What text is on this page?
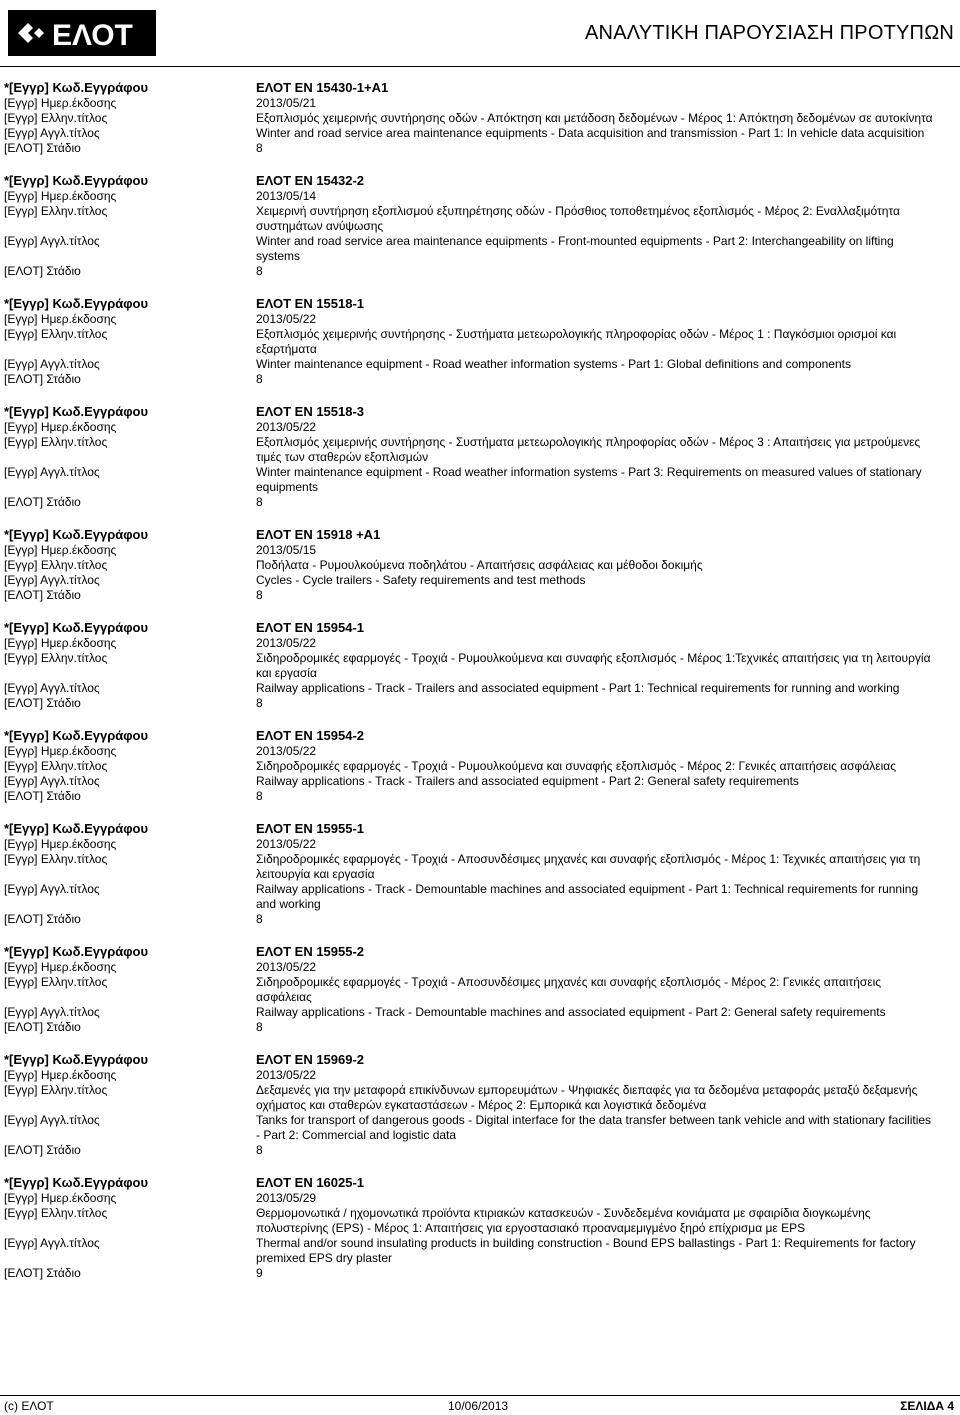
ΕΛΟΤ	ΑΝΑΛΥΤΙΚΗ ΠΑΡΟΥΣΙΑΣΗ ΠΡΟΤΥΠΩΝ
*[Εγγρ] Κωδ.Εγγράφου	ΕΛΟΤ EN 15430-1+A1
[Εγγρ] Ημερ.έκδοσης	2013/05/21
[Εγγρ] Ελλην.τίτλος	Εξοπλισμός χειμερινής συντήρησης οδών - Απόκτηση και μετάδοση δεδομένων - Μέρος 1: Απόκτηση δεδομένων σε αυτοκίνητα
[Εγγρ] Αγγλ.τίτλος	Winter and road service area maintenance equipments - Data acquisition and transmission - Part 1: In vehicle data acquisition
[ΕΛΟΤ] Στάδιο	8
*[Εγγρ] Κωδ.Εγγράφου	ΕΛΟΤ EN 15432-2
[Εγγρ] Ημερ.έκδοσης	2013/05/14
[Εγγρ] Ελλην.τίτλος	Χειμερινή συντήρηση εξοπλισμού εξυπηρέτησης οδών - Πρόσθιος τοποθετημένος εξοπλισμός - Μέρος 2: Εναλλαξιμότητα συστημάτων ανύψωσης
[Εγγρ] Αγγλ.τίτλος	Winter and road service area maintenance equipments - Front-mounted equipments - Part 2: Interchangeability on lifting systems
[ΕΛΟΤ] Στάδιο	8
*[Εγγρ] Κωδ.Εγγράφου	ΕΛΟΤ EN 15518-1
[Εγγρ] Ημερ.έκδοσης	2013/05/22
[Εγγρ] Ελλην.τίτλος	Εξοπλισμός χειμερινής συντήρησης - Συστήματα μετεωρολογικής πληροφορίας οδών - Μέρος 1 : Παγκόσμιοι ορισμοί και εξαρτήματα
[Εγγρ] Αγγλ.τίτλος	Winter maintenance equipment - Road weather information systems - Part 1: Global definitions and components
[ΕΛΟΤ] Στάδιο	8
*[Εγγρ] Κωδ.Εγγράφου	ΕΛΟΤ EN 15518-3
[Εγγρ] Ημερ.έκδοσης	2013/05/22
[Εγγρ] Ελλην.τίτλος	Εξοπλισμός χειμερινής συντήρησης - Συστήματα μετεωρολογικής πληροφορίας οδών - Μέρος 3 : Απαιτήσεις για μετρούμενες τιμές των σταθερών εξοπλισμών
[Εγγρ] Αγγλ.τίτλος	Winter maintenance equipment - Road weather information systems - Part 3: Requirements on measured values of stationary equipments
[ΕΛΟΤ] Στάδιο	8
*[Εγγρ] Κωδ.Εγγράφου	ΕΛΟΤ EN 15918 +A1
[Εγγρ] Ημερ.έκδοσης	2013/05/15
[Εγγρ] Ελλην.τίτλος	Ποδήλατα - Ρυμουλκούμενα ποδηλάτου - Απαιτήσεις ασφάλειας και μέθοδοι δοκιμής
[Εγγρ] Αγγλ.τίτλος	Cycles - Cycle trailers - Safety requirements and test methods
[ΕΛΟΤ] Στάδιο	8
*[Εγγρ] Κωδ.Εγγράφου	ΕΛΟΤ EN 15954-1
[Εγγρ] Ημερ.έκδοσης	2013/05/22
[Εγγρ] Ελλην.τίτλος	Σιδηροδρομικές εφαρμογές - Τροχιά - Ρυμουλκούμενα και συναφής εξοπλισμός - Μέρος 1:Τεχνικές απαιτήσεις για τη λειτουργία και εργασία
[Εγγρ] Αγγλ.τίτλος	Railway applications - Track - Trailers and associated equipment - Part 1: Technical requirements for running and working
[ΕΛΟΤ] Στάδιο	8
*[Εγγρ] Κωδ.Εγγράφου	ΕΛΟΤ EN 15954-2
[Εγγρ] Ημερ.έκδοσης	2013/05/22
[Εγγρ] Ελλην.τίτλος	Σιδηροδρομικές εφαρμογές - Τροχιά - Ρυμουλκούμενα και συναφής εξοπλισμός - Μέρος 2: Γενικές απαιτήσεις ασφάλειας
[Εγγρ] Αγγλ.τίτλος	Railway applications - Track - Trailers and associated equipment - Part 2: General safety requirements
[ΕΛΟΤ] Στάδιο	8
*[Εγγρ] Κωδ.Εγγράφου	ΕΛΟΤ EN 15955-1
[Εγγρ] Ημερ.έκδοσης	2013/05/22
[Εγγρ] Ελλην.τίτλος	Σιδηροδρομικές εφαρμογές - Τροχιά - Αποσυνδέσιμες μηχανές και συναφής εξοπλισμός - Μέρος 1: Τεχνικές απαιτήσεις για τη λειτουργία και εργασία
[Εγγρ] Αγγλ.τίτλος	Railway applications - Track - Demountable machines and associated equipment - Part 1: Technical requirements for running and working
[ΕΛΟΤ] Στάδιο	8
*[Εγγρ] Κωδ.Εγγράφου	ΕΛΟΤ EN 15955-2
[Εγγρ] Ημερ.έκδοσης	2013/05/22
[Εγγρ] Ελλην.τίτλος	Σιδηροδρομικές εφαρμογές - Τροχιά - Αποσυνδέσιμες μηχανές και συναφής εξοπλισμός - Μέρος 2: Γενικές απαιτήσεις ασφάλειας
[Εγγρ] Αγγλ.τίτλος	Railway applications - Track - Demountable machines and associated equipment - Part 2: General safety requirements
[ΕΛΟΤ] Στάδιο	8
*[Εγγρ] Κωδ.Εγγράφου	ΕΛΟΤ EN 15969-2
[Εγγρ] Ημερ.έκδοσης	2013/05/22
[Εγγρ] Ελλην.τίτλος	Δεξαμενές για την μεταφορά επικίνδυνων εμπορευμάτων - Ψηφιακές διεπαφές για τα δεδομένα μεταφοράς μεταξύ δεξαμενής οχήματος και σταθερών εγκαταστάσεων - Μέρος 2: Εμπορικά και λογιστικά δεδομένα
[Εγγρ] Αγγλ.τίτλος	Tanks for transport of dangerous goods - Digital interface for the data transfer between tank vehicle and with stationary facilities - Part 2: Commercial and logistic data
[ΕΛΟΤ] Στάδιο	8
*[Εγγρ] Κωδ.Εγγράφου	ΕΛΟΤ EN 16025-1
[Εγγρ] Ημερ.έκδοσης	2013/05/29
[Εγγρ] Ελλην.τίτλος	Θερμομονωτικά / ηχομονωτικά προϊόντα κτιριακών κατασκευών - Συνδεδεμένα κονιάματα με σφαιρίδια διογκωμένης πολυστερίνης (EPS) - Μέρος 1: Απαιτήσεις για εργοστασιακό προαναμεμιγμένο ξηρό επίχρισμα με EPS
[Εγγρ] Αγγλ.τίτλος	Thermal and/or sound insulating products in building construction - Bound EPS ballastings - Part 1: Requirements for factory premixed EPS dry plaster
[ΕΛΟΤ] Στάδιο	9
(c) ΕΛΟΤ	10/06/2013	ΣΕΛΙΔΑ 4
